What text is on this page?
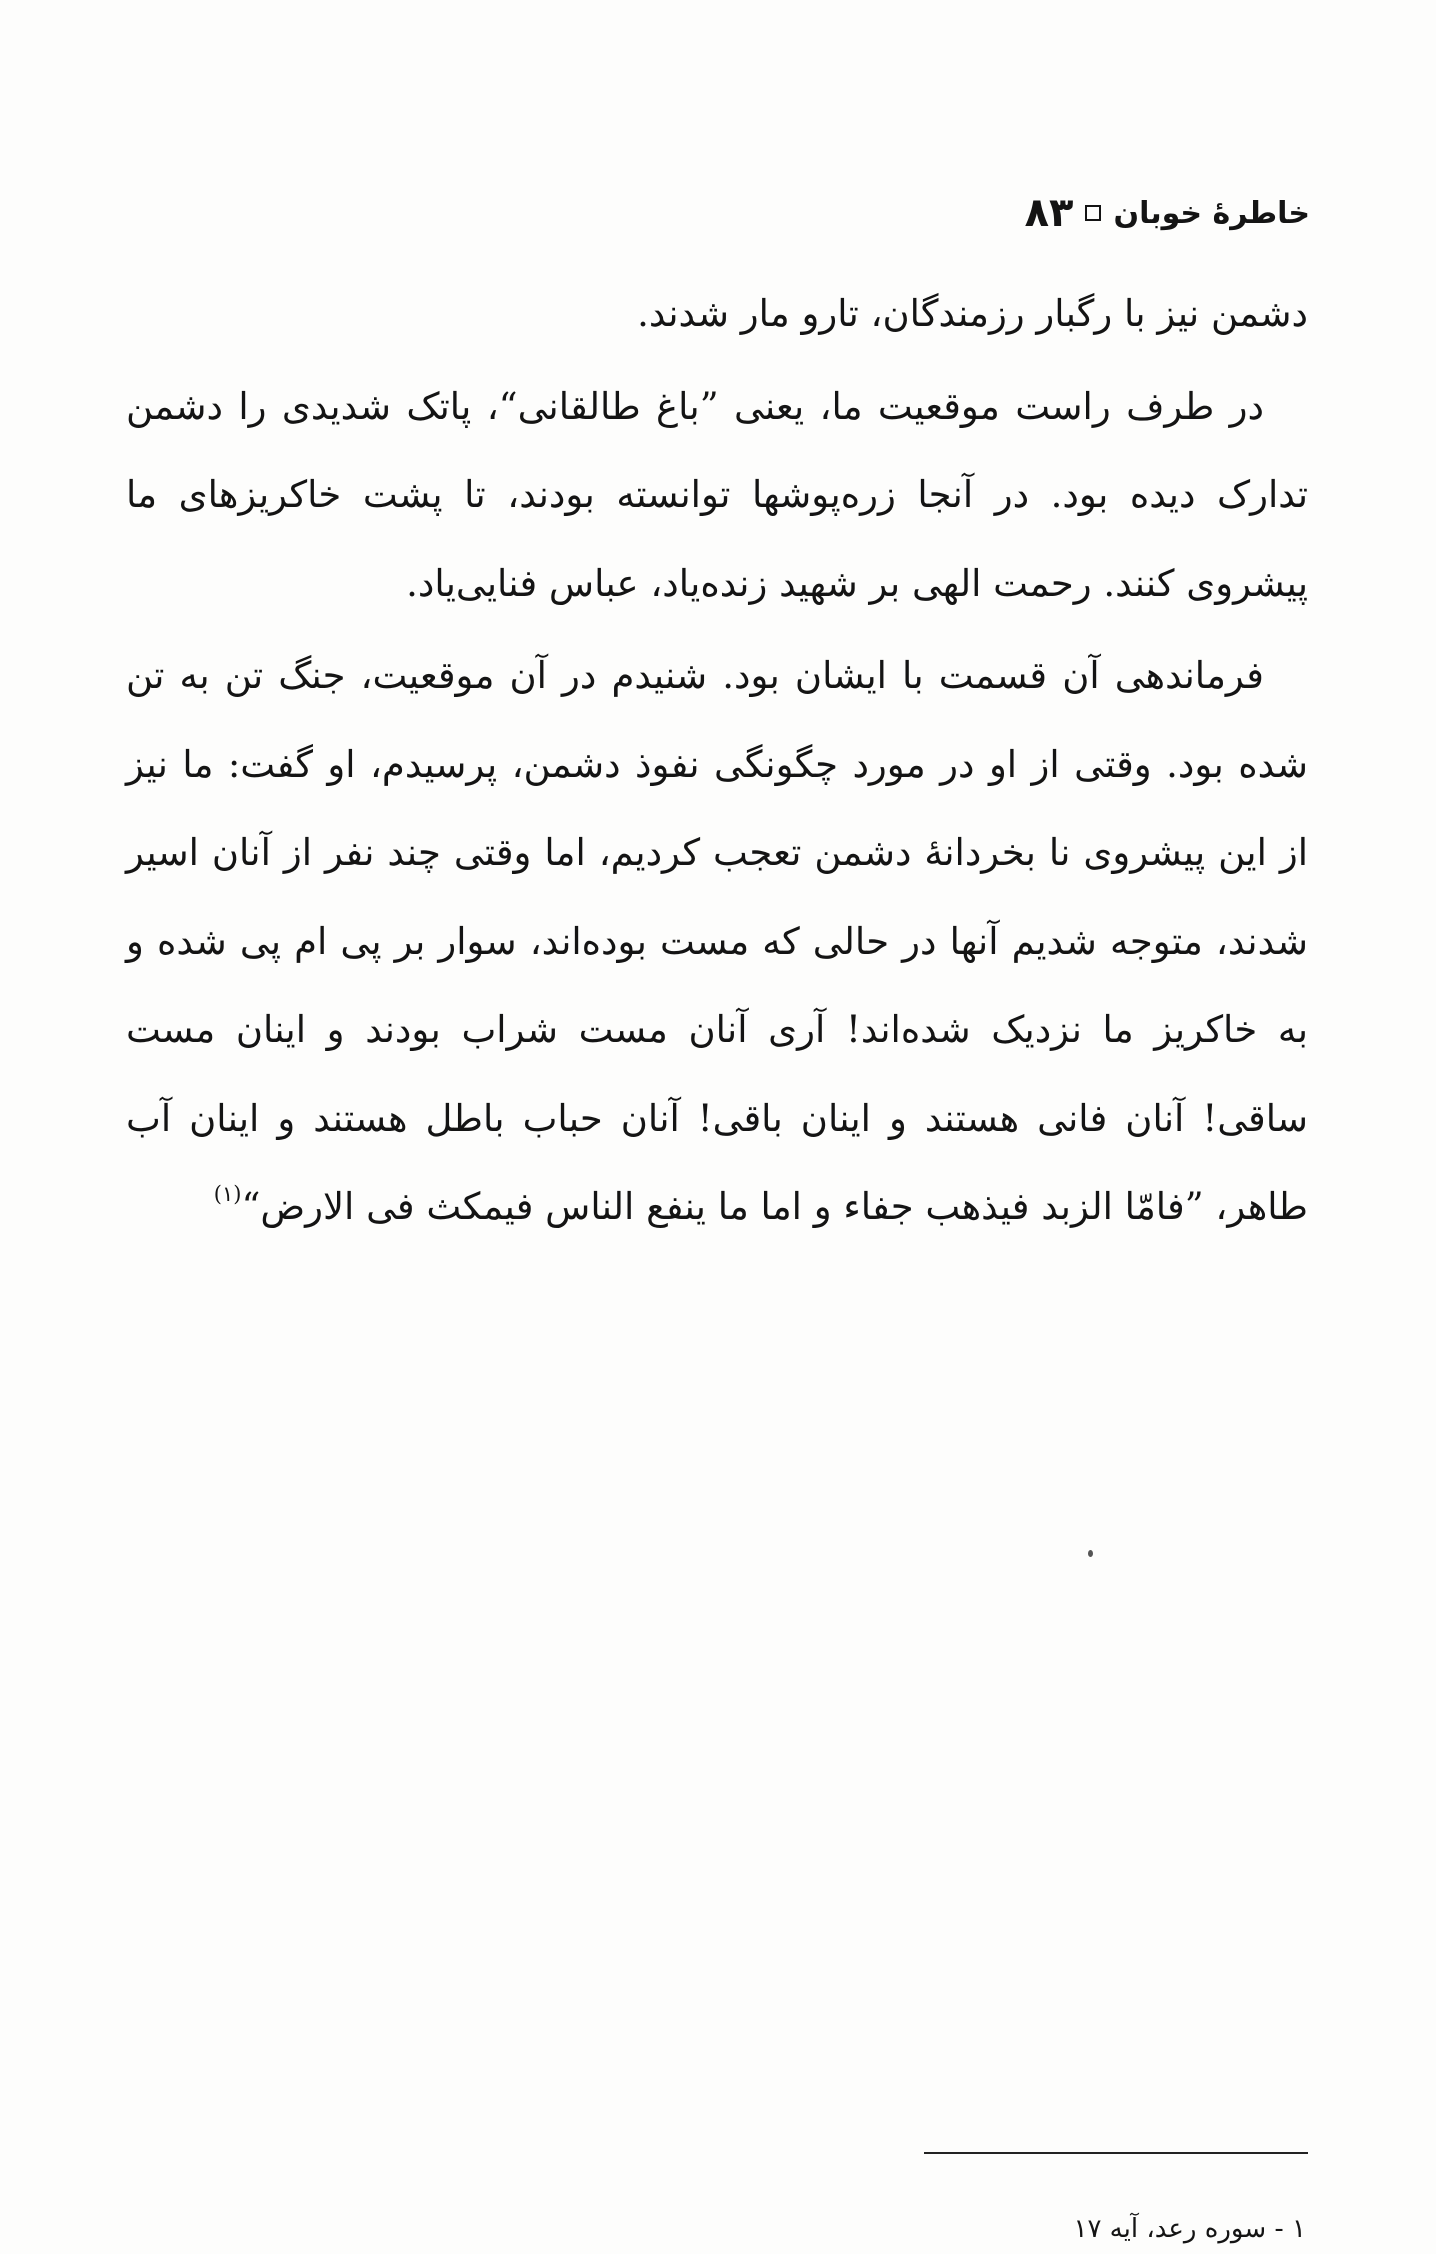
خاطرۀ خوبان
۸۳

دشمن نیز با رگبار رزمندگان، تارو مار شدند.

در طرف راست موقعیت ما، یعنی ”باغ طالقانی“، پاتک شدیدی را دشمن تدارک دیده بود. در آنجا زره‌پوشها توانسته بودند، تا پشت خاکریزهای ما پیشروی کنند. رحمت الهی بر شهید زنده‌یاد، عباس فنایی‌یاد.

فرماندهی آن قسمت با ایشان بود. شنیدم در آن موقعیت، جنگ تن به تن شده بود. وقتی از او در مورد چگونگی نفوذ دشمن، پرسیدم، او گفت: ما نیز از این پیشروی نا بخردانۀ دشمن تعجب کردیم، اما وقتی چند نفر از آنان اسیر شدند، متوجه شدیم آنها در حالی که مست بوده‌اند، سوار بر پی ام پی شده و به خاکریز ما نزدیک شده‌اند! آری آنان مست شراب بودند و اینان مست ساقی! آنان فانی هستند و اینان باقی! آنان حباب باطل هستند و اینان آب طاهر، ”فامّا الزبد فیذهب جفاء و اما ما ینفع الناس فیمکث فی الارض“$^{(۱)}$

۱ - سوره رعد، آیه ۱۷
